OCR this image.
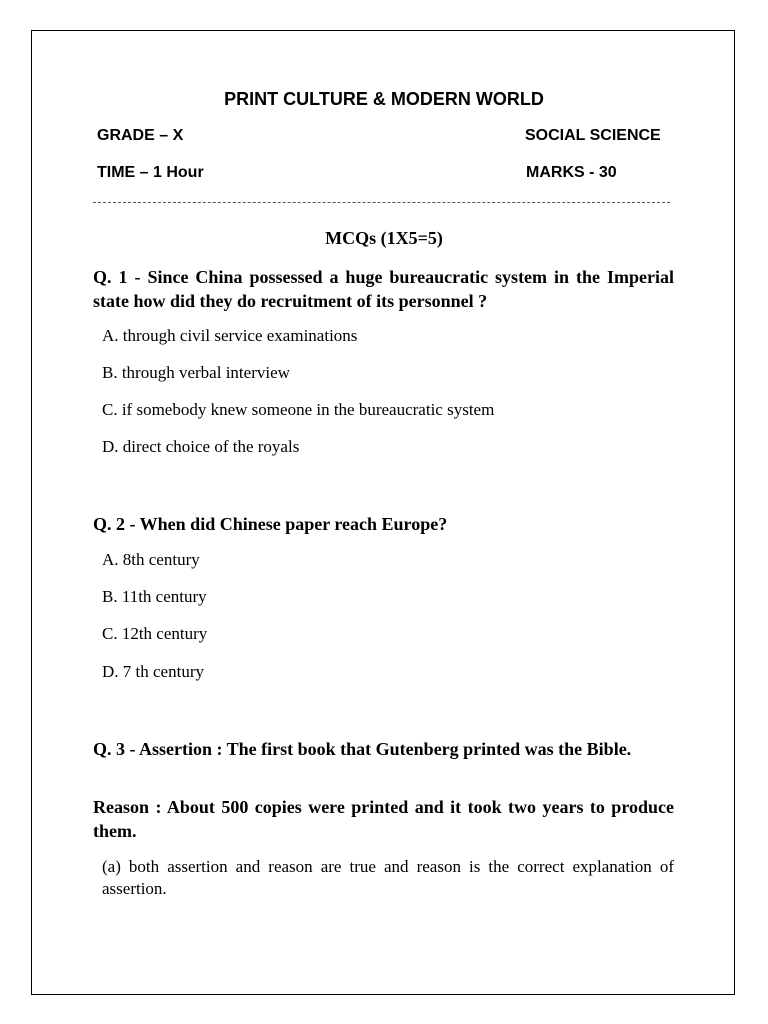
PRINT CULTURE & MODERN WORLD
GRADE – X	SOCIAL SCIENCE
TIME – 1 Hour	MARKS - 30
MCQs (1X5=5)
Q. 1 - Since China possessed a huge bureaucratic system in the Imperial state how did they do recruitment of its personnel ?
A. through civil service examinations
B. through verbal interview
C. if somebody knew someone in the bureaucratic system
D. direct choice of the royals
Q. 2 - When did Chinese paper reach Europe?
A. 8th century
B. 11th century
C. 12th century
D. 7 th century
Q. 3 - Assertion : The first book that Gutenberg printed was the Bible.
Reason : About 500 copies were printed and it took two years to produce them.
(a) both assertion and reason are true and reason is the correct explanation of assertion.
